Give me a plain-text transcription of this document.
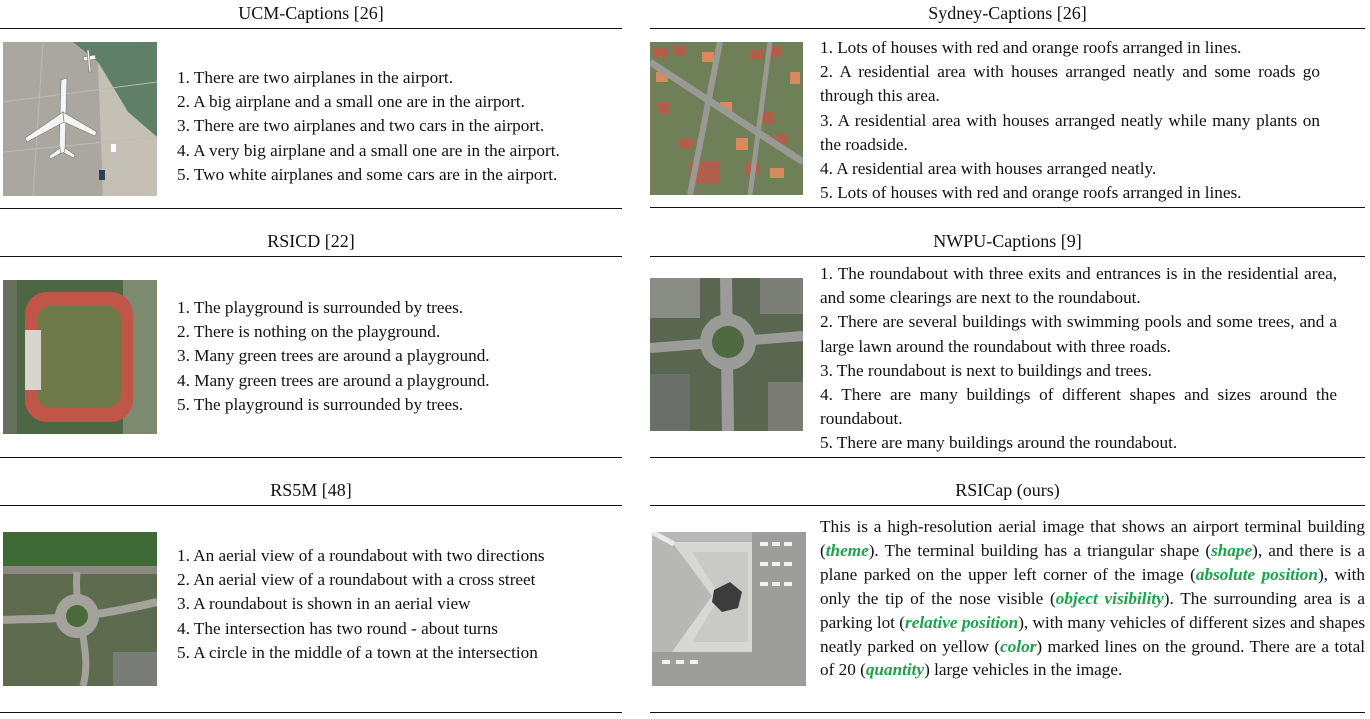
UCM-Captions [26]
1. There are two airplanes in the airport.
2. A big airplane and a small one are in the airport.
3. There are two airplanes and two cars in the airport.
4. A very big airplane and a small one are in the airport.
5. Two white airplanes and some cars are in the airport.
Sydney-Captions [26]
1. Lots of houses with red and orange roofs arranged in lines.
2. A residential area with houses arranged neatly and some roads go through this area.
3. A residential area with houses arranged neatly while many plants on the roadside.
4. A residential area with houses arranged neatly.
5. Lots of houses with red and orange roofs arranged in lines.
RSICD [22]
1. The playground is surrounded by trees.
2. There is nothing on the playground.
3. Many green trees are around a playground.
4. Many green trees are around a playground.
5. The playground is surrounded by trees.
NWPU-Captions [9]
1. The roundabout with three exits and entrances is in the residential area, and some clearings are next to the roundabout.
2. There are several buildings with swimming pools and some trees, and a large lawn around the roundabout with three roads.
3. The roundabout is next to buildings and trees.
4. There are many buildings of different shapes and sizes around the roundabout.
5. There are many buildings around the roundabout.
RS5M [48]
1. An aerial view of a roundabout with two directions
2. An aerial view of a roundabout with a cross street
3. A roundabout is shown in an aerial view
4. The intersection has two round - about turns
5. A circle in the middle of a town at the intersection
RSICap (ours)
This is a high-resolution aerial image that shows an airport terminal building (theme). The terminal building has a triangular shape (shape), and there is a plane parked on the upper left corner of the image (absolute position), with only the tip of the nose visible (object visibility). The surrounding area is a parking lot (relative position), with many vehicles of different sizes and shapes neatly parked on yellow (color) marked lines on the ground. There are a total of 20 (quantity) large vehicles in the image.
